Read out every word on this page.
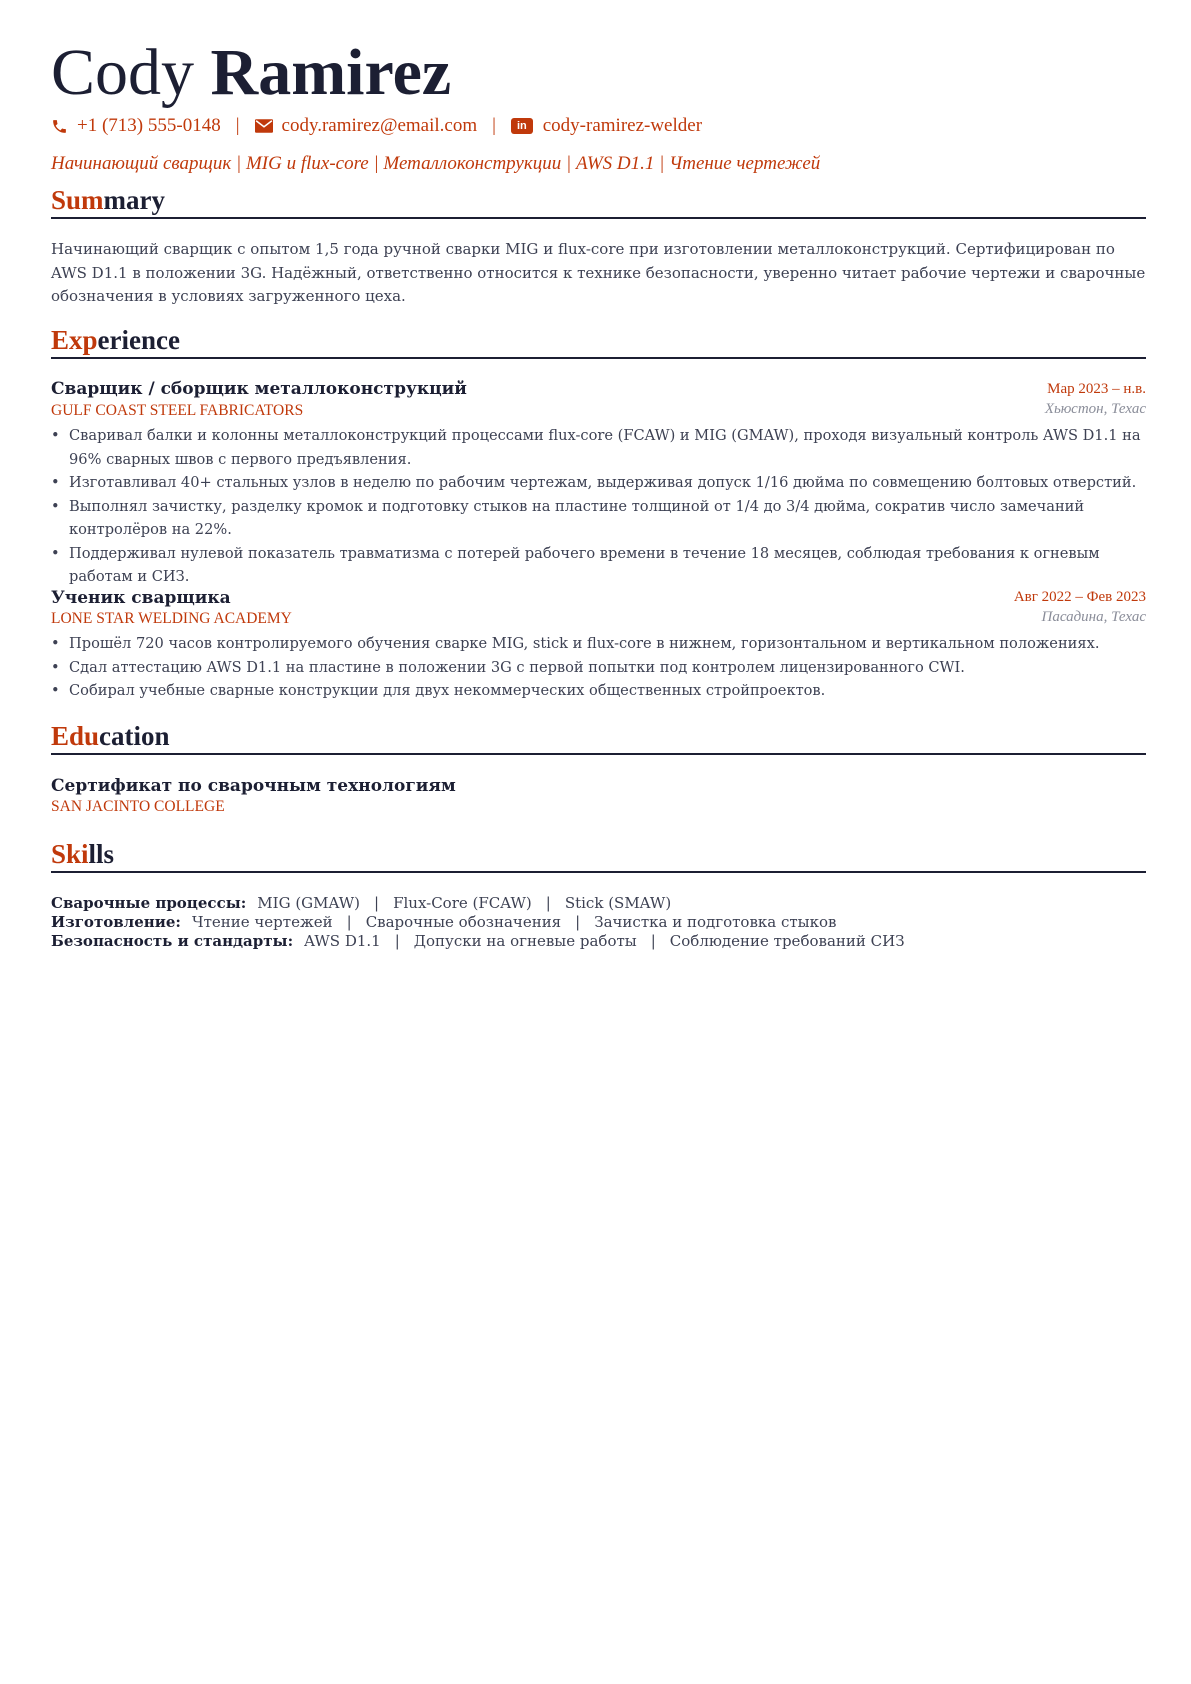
Cody Ramirez
+1 (713) 555-0148 | cody.ramirez@email.com |	in cody-ramirez-welder

Начинающий сварщик | MIG и flux-core | Металлоконструкции | AWS D1.1 | Чтение чертежей

Summary

Начинающий сварщик с опытом 1,5 года ручной сварки MIG и flux-core при изготовлении металлоконструкций. Сертифицирован по AWS D1.1 в положении 3G. Надёжный, ответственно относится к технике безопасности, уверенно читает рабочие чертежи и сварочные обозначения в условиях загруженного цеха.

Experience

Сварщик / сборщик металлоконструкций	Мар 2023 – н.в.

GULF COAST STEEL FABRICATORS	Хьюстон, Техас

• Сваривал балки и колонны металлоконструкций процессами flux-core (FCAW) и MIG (GMAW), проходя визуальный контроль AWS D1.1 на 96% сварных швов с первого предъявления.
• Изготавливал 40+ стальных узлов в неделю по рабочим чертежам, выдерживая допуск 1/16 дюйма по совмещению болтовых отверстий.
• Выполнял зачистку, разделку кромок и подготовку стыков на пластине толщиной от 1/4 до 3/4 дюйма, сократив число замечаний контролёров на 22%.
• Поддерживал нулевой показатель травматизма с потерей рабочего времени в течение 18 месяцев, соблюдая требования к огневым работам и СИЗ.

Ученик сварщика	Авг 2022 – Фев 2023

LONE STAR WELDING ACADEMY	Пасадина, Техас

• Прошёл 720 часов контролируемого обучения сварке MIG, stick и flux-core в нижнем, горизонтальном и вертикальном положениях.
• Сдал аттестацию AWS D1.1 на пластине в положении 3G с первой попытки под контролем лицензированного CWI.
• Собирал учебные сварные конструкции для двух некоммерческих общественных стройпроектов.
Education

Сертификат по сварочным технологиям

SAN JACINTO COLLEGE

Skills

Сварочные процессы: MIG (GMAW) | Flux-Core (FCAW) | Stick (SMAW)

Изготовление: Чтение чертежей | Сварочные обозначения | Зачистка и подготовка стыков

Безопасность и стандарты: AWS D1.1 | Допуски на огневые работы | Соблюдение требований СИЗ
